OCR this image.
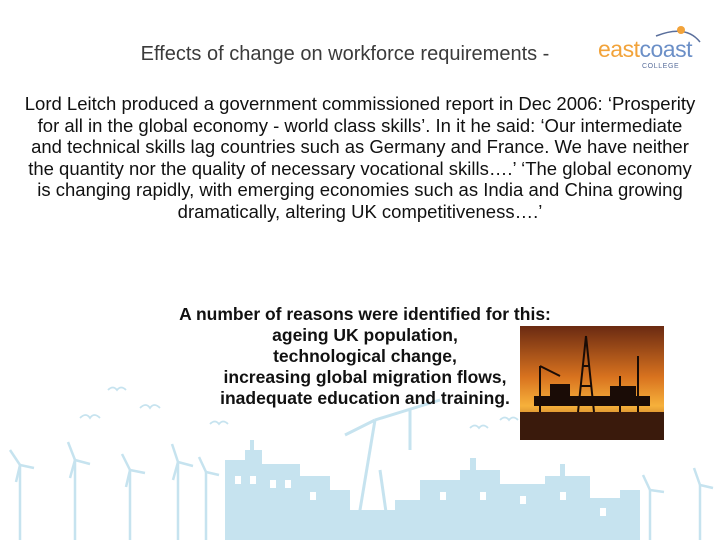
Effects of change on workforce requirements -	eastcoast
COLLEGE
Lord Leitch produced a government commissioned report in Dec 2006: ‘Prosperity for all in the global economy - world class skills’. In it he said: ‘Our intermediate and technical skills lag countries such as Germany and France. We have neither the quantity nor the quality of necessary vocational skills….’ ‘The global economy is changing rapidly, with emerging economies such as India and China growing dramatically, altering UK competitiveness….’
A number of reasons were identified for this:
ageing UK population,
technological change,
increasing global migration flows,
inadequate education and training.
